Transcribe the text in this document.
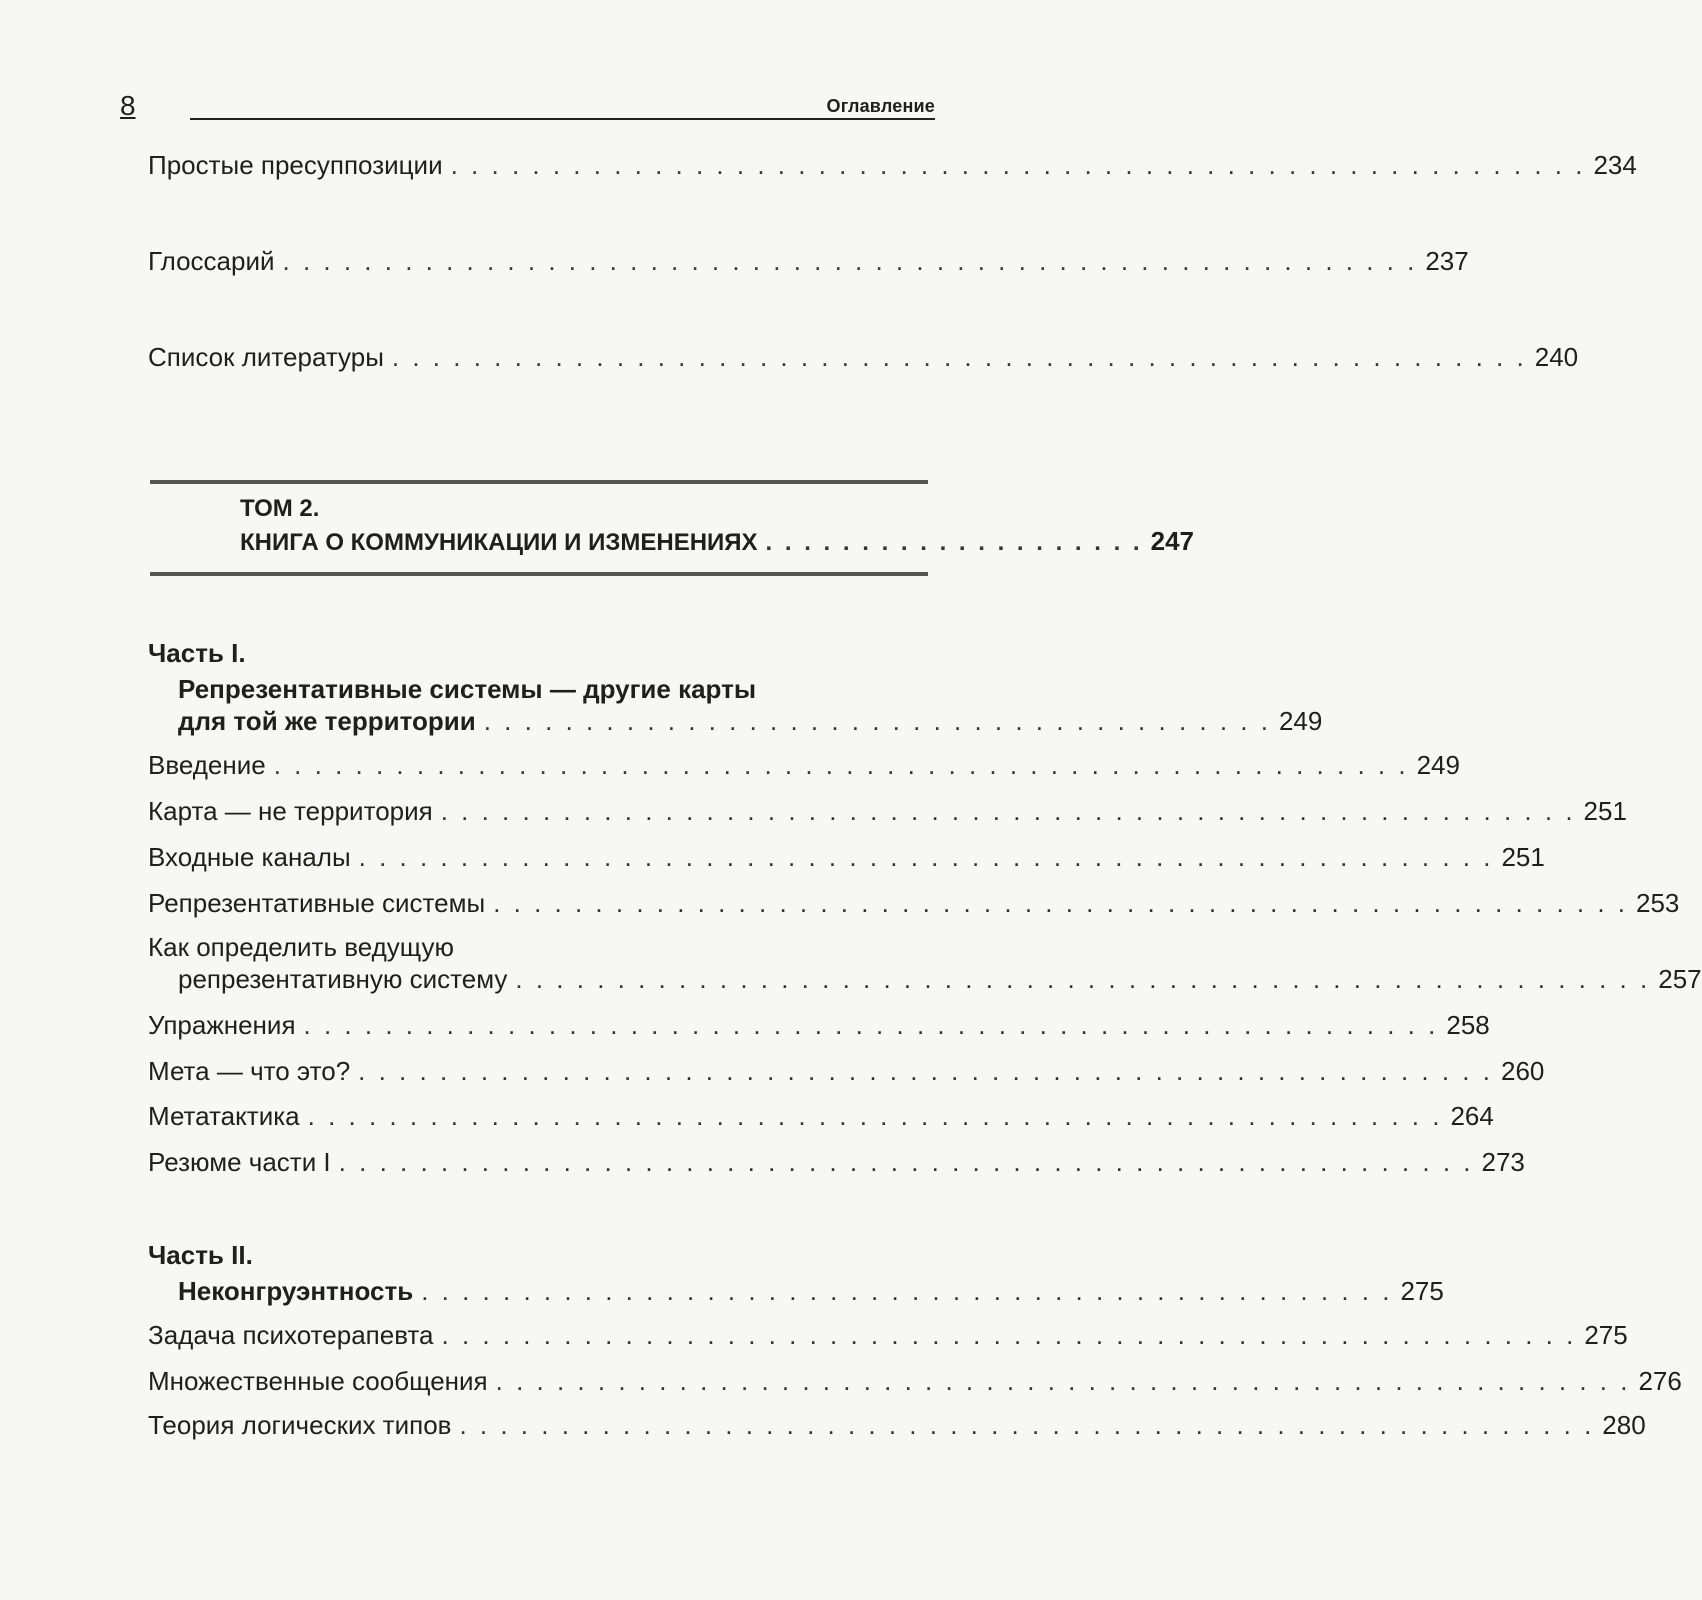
8	Оглавление
Простые пресуппозиции . . . . . . . . . . . . . . . . . . . . . . . . . . . . . . . . . . . . . . . . . . . . . . . . . . . . . . . . 234
Глоссарий . . . . . . . . . . . . . . . . . . . . . . . . . . . . . . . . . . . . . . . . . . . . . . . . . . . . . . . . 237
Список литературы . . . . . . . . . . . . . . . . . . . . . . . . . . . . . . . . . . . . . . . . . . . . . . . . . . . . . . . . 240
ТОМ 2.
КНИГА О КОММУНИКАЦИИ И ИЗМЕНЕНИЯХ . . . . . . . . . . . . . . . . . . . . 247
Часть I.
Репрезентативные системы — другие карты
для той же территории . . . . . . . . . . . . . . . . . . . . . . . . . . . . . . . . . . . . . . . 249
Введение . . . . . . . . . . . . . . . . . . . . . . . . . . . . . . . . . . . . . . . . . . . . . . . . . . . . . . . . 249
Карта — не территория . . . . . . . . . . . . . . . . . . . . . . . . . . . . . . . . . . . . . . . . . . . . . . . . . . . . . . . . 251
Входные каналы . . . . . . . . . . . . . . . . . . . . . . . . . . . . . . . . . . . . . . . . . . . . . . . . . . . . . . . . 251
Репрезентативные системы . . . . . . . . . . . . . . . . . . . . . . . . . . . . . . . . . . . . . . . . . . . . . . . . . . . . . . . . 253
Как определить ведущую
репрезентативную систему . . . . . . . . . . . . . . . . . . . . . . . . . . . . . . . . . . . . . . . . . . . . . . . . . . . . . . . . 257
Упражнения . . . . . . . . . . . . . . . . . . . . . . . . . . . . . . . . . . . . . . . . . . . . . . . . . . . . . . . . 258
Мета — что это? . . . . . . . . . . . . . . . . . . . . . . . . . . . . . . . . . . . . . . . . . . . . . . . . . . . . . . . . 260
Метатактика . . . . . . . . . . . . . . . . . . . . . . . . . . . . . . . . . . . . . . . . . . . . . . . . . . . . . . . . 264
Резюме части I . . . . . . . . . . . . . . . . . . . . . . . . . . . . . . . . . . . . . . . . . . . . . . . . . . . . . . . . 273
Часть II.
Неконгруэнтность . . . . . . . . . . . . . . . . . . . . . . . . . . . . . . . . . . . . . . . . . . . . . . . . 275
Задача психотерапевта . . . . . . . . . . . . . . . . . . . . . . . . . . . . . . . . . . . . . . . . . . . . . . . . . . . . . . . . 275
Множественные сообщения . . . . . . . . . . . . . . . . . . . . . . . . . . . . . . . . . . . . . . . . . . . . . . . . . . . . . . . . 276
Теория логических типов . . . . . . . . . . . . . . . . . . . . . . . . . . . . . . . . . . . . . . . . . . . . . . . . . . . . . . . . 280
